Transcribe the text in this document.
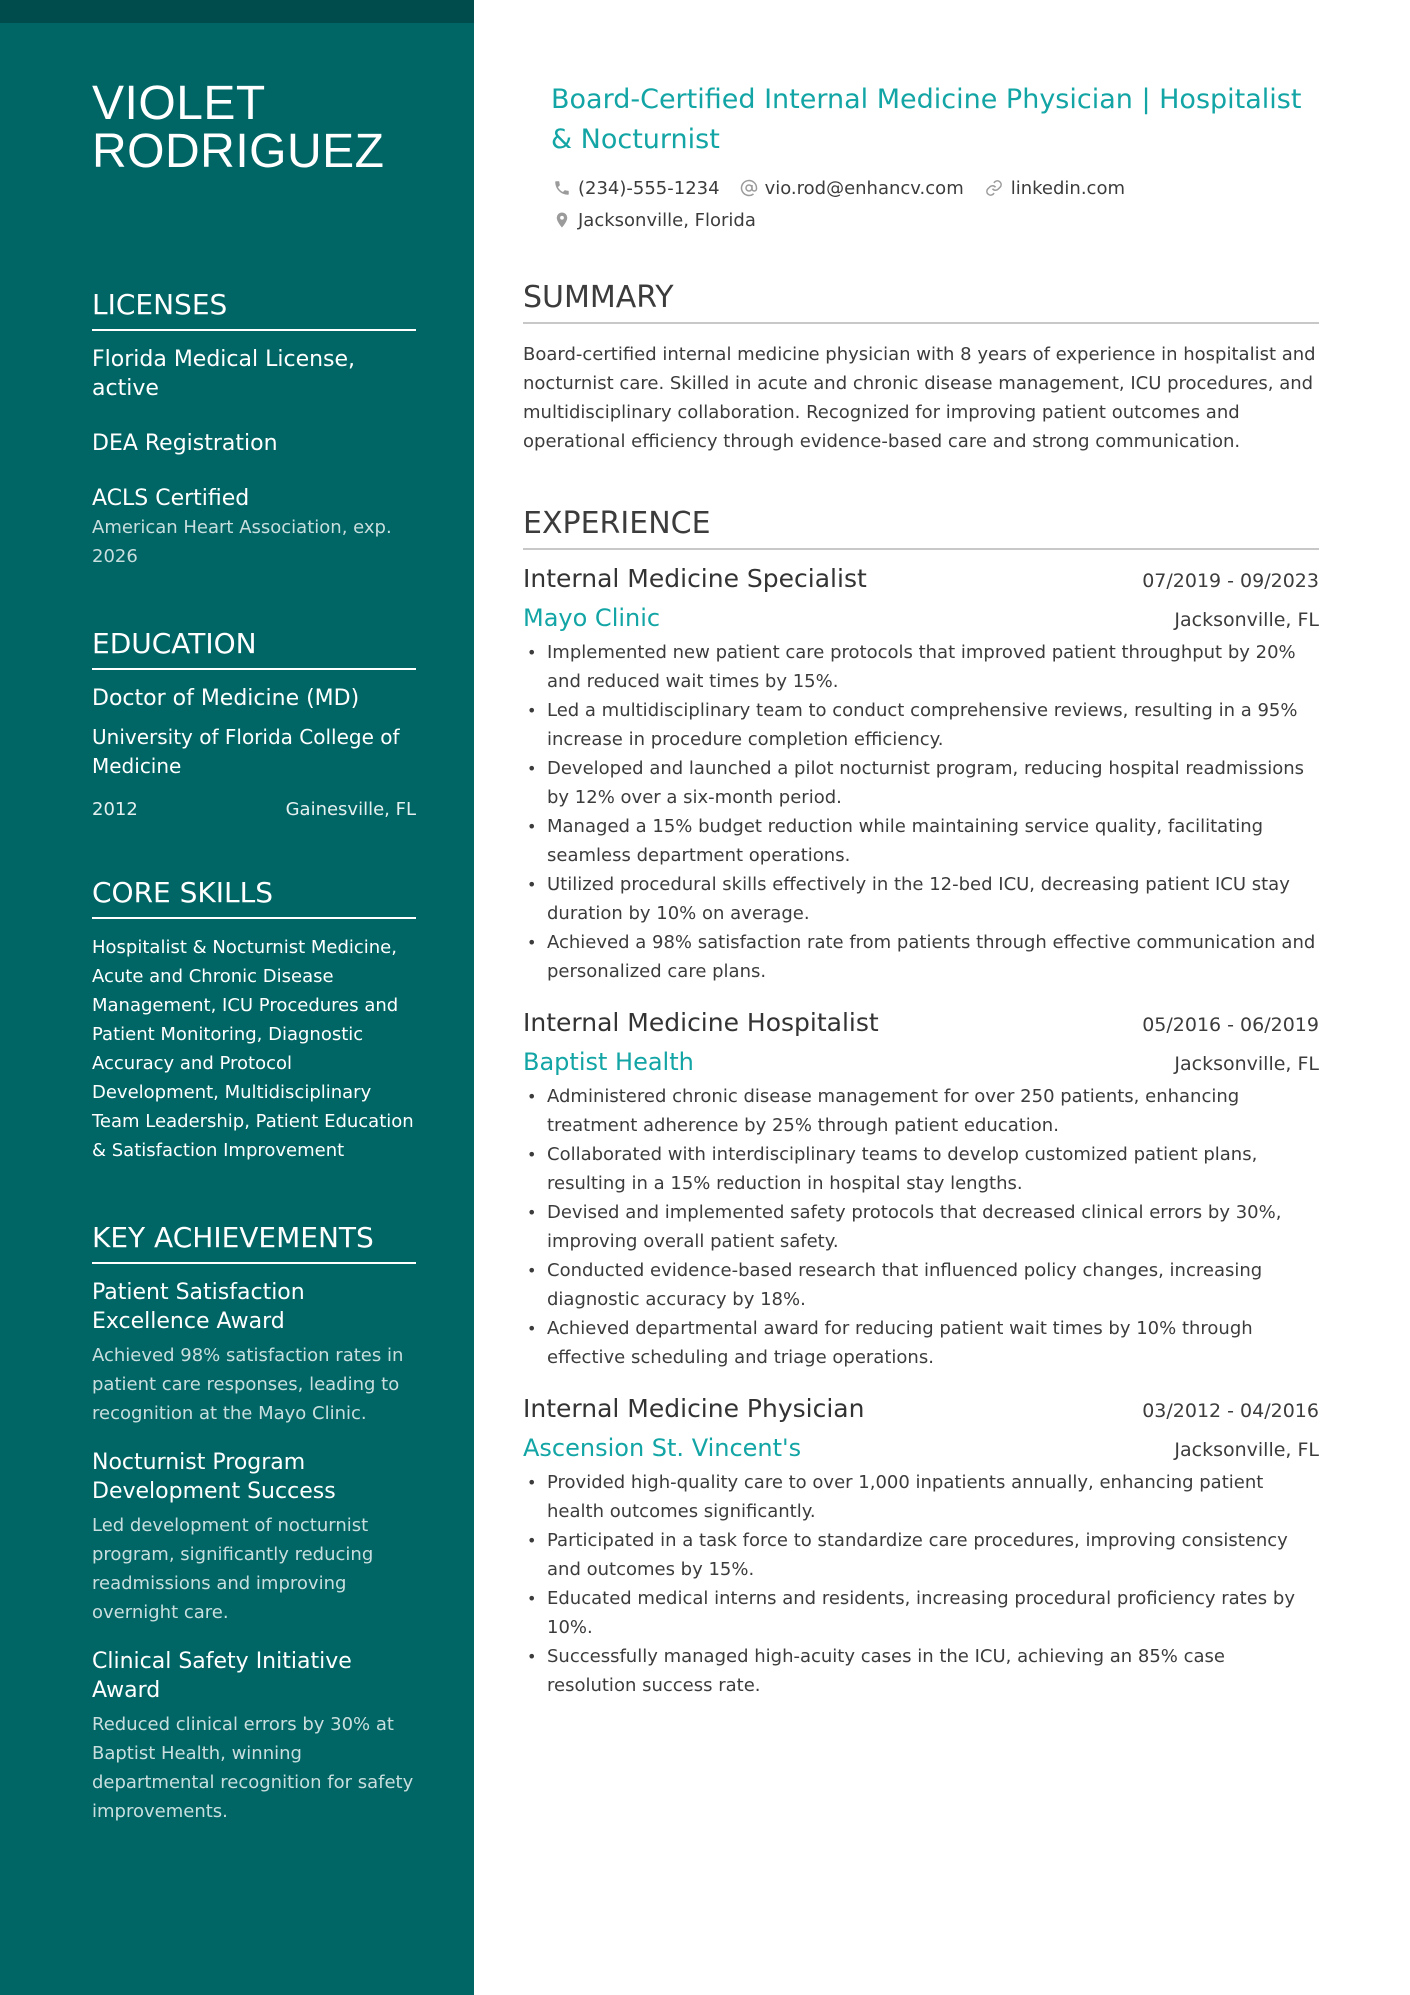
VIOLET RODRIGUEZ
LICENSES
Florida Medical License, active
DEA Registration
ACLS Certified
American Heart Association, exp. 2026
EDUCATION
Doctor of Medicine (MD)
University of Florida College of Medicine
2012	Gainesville, FL
CORE SKILLS
Hospitalist & Nocturnist Medicine, Acute and Chronic Disease Management, ICU Procedures and Patient Monitoring, Diagnostic Accuracy and Protocol Development, Multidisciplinary Team Leadership, Patient Education & Satisfaction Improvement
KEY ACHIEVEMENTS
Patient Satisfaction Excellence Award
Achieved 98% satisfaction rates in patient care responses, leading to recognition at the Mayo Clinic.
Nocturnist Program Development Success
Led development of nocturnist program, significantly reducing readmissions and improving overnight care.
Clinical Safety Initiative Award
Reduced clinical errors by 30% at Baptist Health, winning departmental recognition for safety improvements.
Board-Certified Internal Medicine Physician | Hospitalist & Nocturnist
(234)-555-1234	vio.rod@enhancv.com	linkedin.com
Jacksonville, Florida
SUMMARY

Board-certified internal medicine physician with 8 years of experience in hospitalist and nocturnist care. Skilled in acute and chronic disease management, ICU procedures, and multidisciplinary collaboration. Recognized for improving patient outcomes and operational efficiency through evidence-based care and strong communication.

EXPERIENCE
Internal Medicine Specialist	07/2019 - 09/2023
Mayo Clinic	Jacksonville, FL
• Implemented new patient care protocols that improved patient throughput by 20% and reduced wait times by 15%.
• Led a multidisciplinary team to conduct comprehensive reviews, resulting in a 95% increase in procedure completion efficiency.
• Developed and launched a pilot nocturnist program, reducing hospital readmissions by 12% over a six-month period.
• Managed a 15% budget reduction while maintaining service quality, facilitating seamless department operations.
• Utilized procedural skills effectively in the 12-bed ICU, decreasing patient ICU stay duration by 10% on average.
• Achieved a 98% satisfaction rate from patients through effective communication and personalized care plans.
Internal Medicine Hospitalist	05/2016 - 06/2019
Baptist Health	Jacksonville, FL
• Administered chronic disease management for over 250 patients, enhancing treatment adherence by 25% through patient education.
• Collaborated with interdisciplinary teams to develop customized patient plans, resulting in a 15% reduction in hospital stay lengths.
• Devised and implemented safety protocols that decreased clinical errors by 30%, improving overall patient safety.
• Conducted evidence-based research that influenced policy changes, increasing diagnostic accuracy by 18%.
• Achieved departmental award for reducing patient wait times by 10% through effective scheduling and triage operations.
Internal Medicine Physician	03/2012 - 04/2016
Ascension St. Vincent's	Jacksonville, FL
• Provided high-quality care to over 1,000 inpatients annually, enhancing patient health outcomes significantly.
• Participated in a task force to standardize care procedures, improving consistency and outcomes by 15%.
• Educated medical interns and residents, increasing procedural proficiency rates by 10%.
• Successfully managed high-acuity cases in the ICU, achieving an 85% case resolution success rate.
